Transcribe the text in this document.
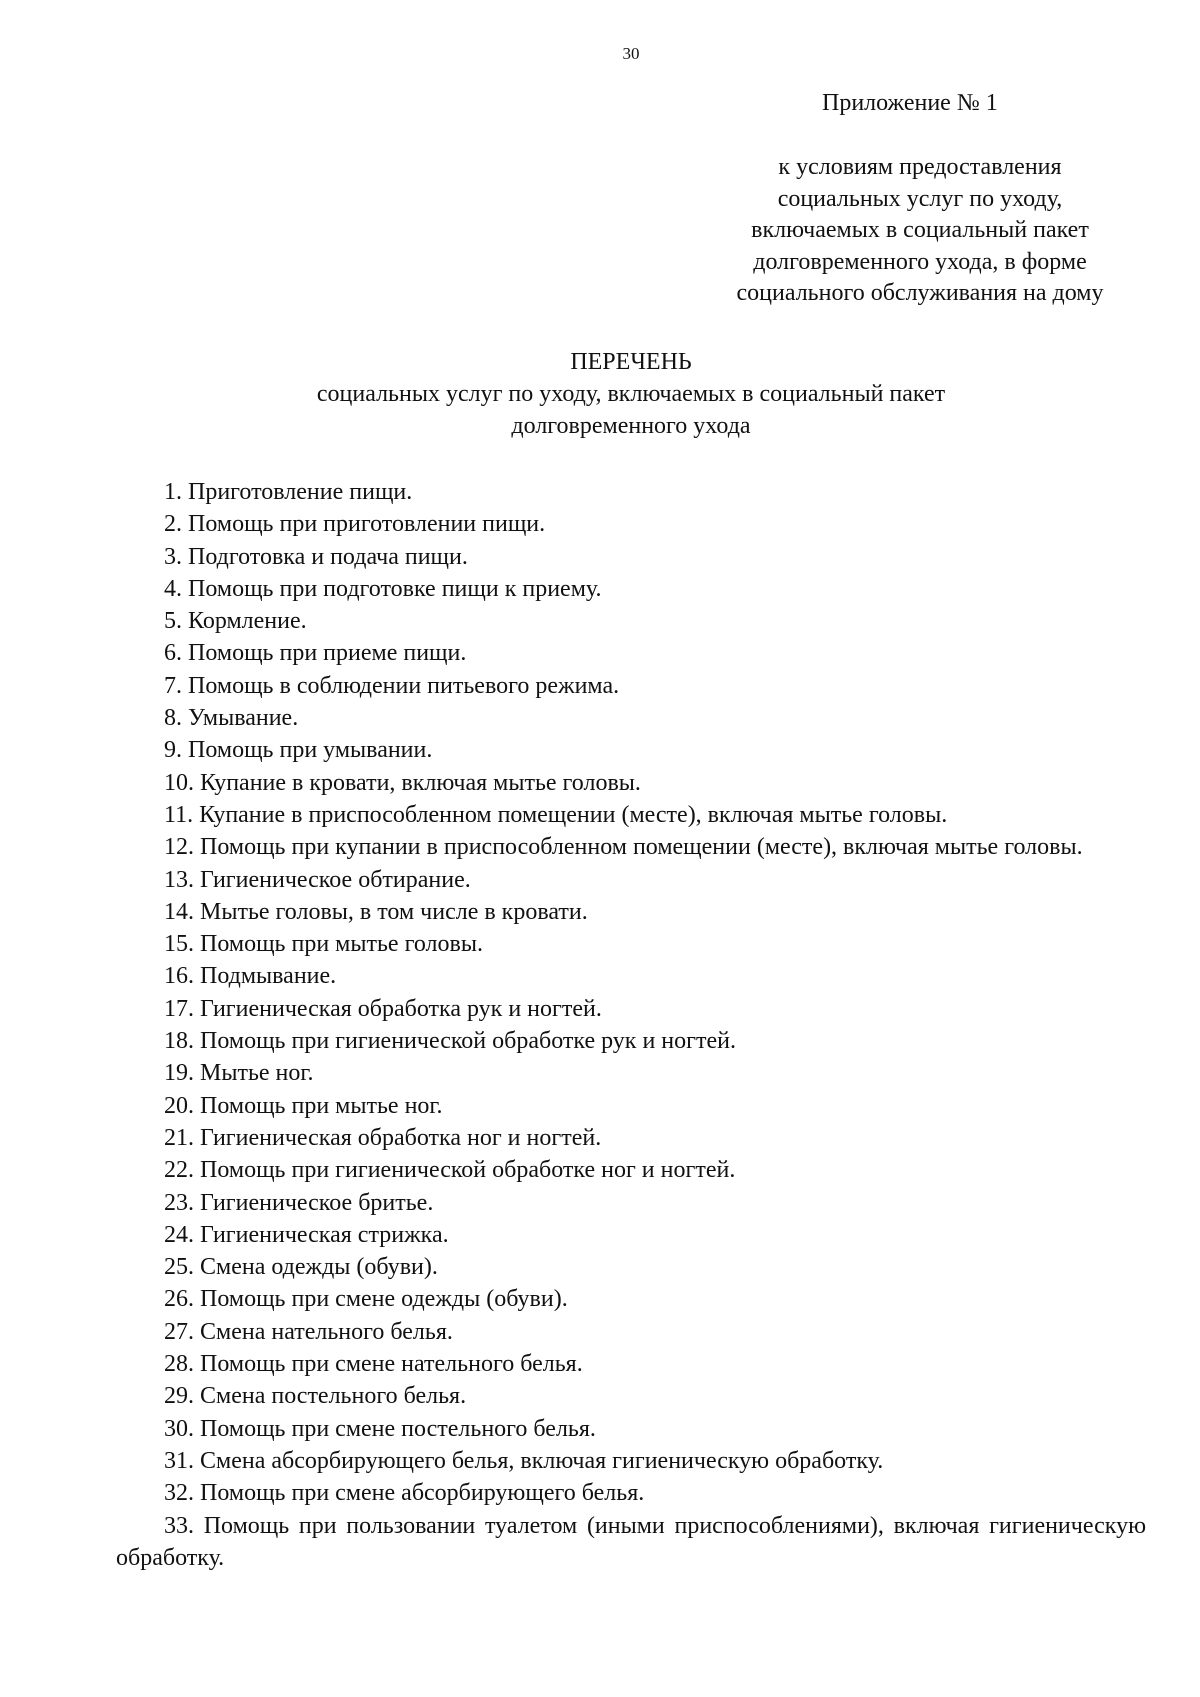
30
Приложение № 1
к условиям предоставления
социальных услуг по уходу,
включаемых в социальный пакет
долговременного ухода, в форме
социального обслуживания на дому
ПЕРЕЧЕНЬ
социальных услуг по уходу, включаемых в социальный пакет
долговременного ухода
1. Приготовление пищи.
2. Помощь при приготовлении пищи.
3. Подготовка и подача пищи.
4. Помощь при подготовке пищи к приему.
5. Кормление.
6. Помощь при приеме пищи.
7. Помощь в соблюдении питьевого режима.
8. Умывание.
9. Помощь при умывании.
10. Купание в кровати, включая мытье головы.
11. Купание в приспособленном помещении (месте), включая мытье головы.
12. Помощь при купании в приспособленном помещении (месте), включая мытье головы.
13. Гигиеническое обтирание.
14. Мытье головы, в том числе в кровати.
15. Помощь при мытье головы.
16. Подмывание.
17. Гигиеническая обработка рук и ногтей.
18. Помощь при гигиенической обработке рук и ногтей.
19. Мытье ног.
20. Помощь при мытье ног.
21. Гигиеническая обработка ног и ногтей.
22. Помощь при гигиенической обработке ног и ногтей.
23. Гигиеническое бритье.
24. Гигиеническая стрижка.
25. Смена одежды (обуви).
26. Помощь при смене одежды (обуви).
27. Смена нательного белья.
28. Помощь при смене нательного белья.
29. Смена постельного белья.
30. Помощь при смене постельного белья.
31. Смена абсорбирующего белья, включая гигиеническую обработку.
32. Помощь при смене абсорбирующего белья.
33. Помощь при пользовании туалетом (иными приспособлениями), включая гигиеническую обработку.
